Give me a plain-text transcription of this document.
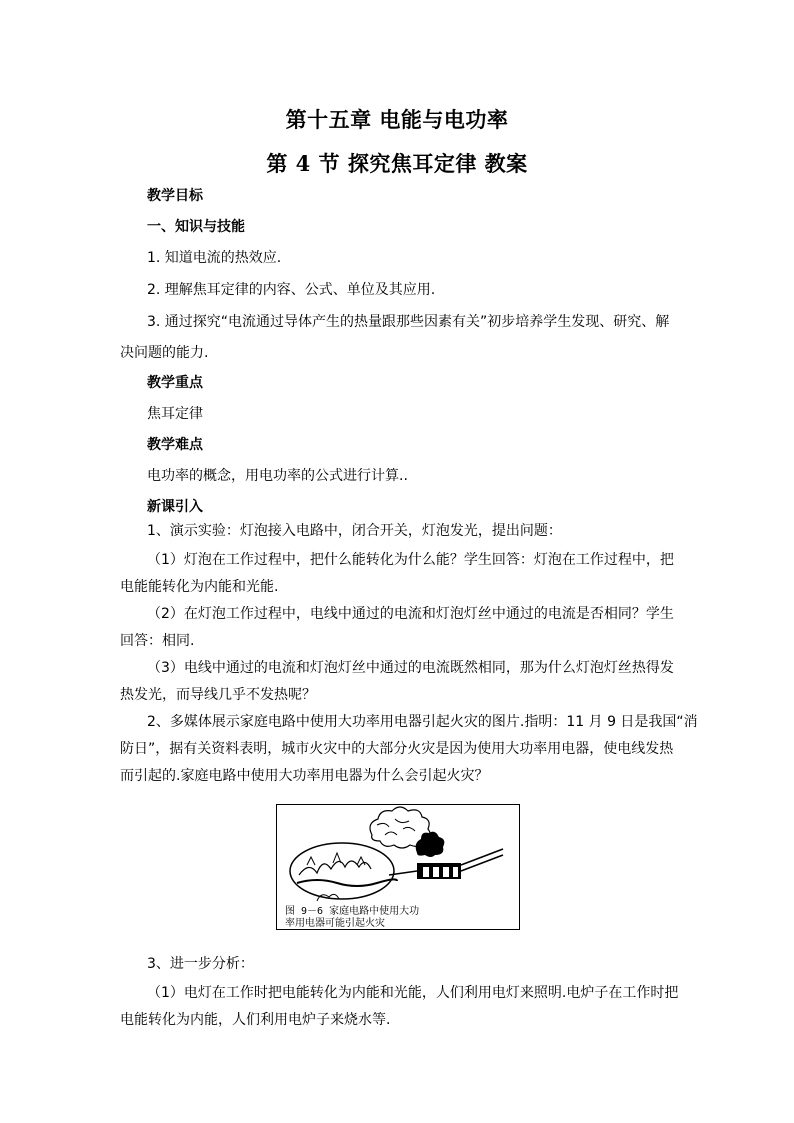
第十五章 电能与电功率
第 4 节 探究焦耳定律 教案
教学目标
一、知识与技能
1. 知道电流的热效应.
2. 理解焦耳定律的内容、公式、单位及其应用.
3. 通过探究“电流通过导体产生的热量跟那些因素有关”初步培养学生发现、研究、解
决问题的能力.
教学重点
焦耳定律
教学难点
电功率的概念，用电功率的公式进行计算..
新课引入
1、演示实验：灯泡接入电路中，闭合开关，灯泡发光，提出问题：
（1）灯泡在工作过程中，把什么能转化为什么能？学生回答：灯泡在工作过程中，把
电能能转化为内能和光能.
（2）在灯泡工作过程中，电线中通过的电流和灯泡灯丝中通过的电流是否相同？学生
回答：相同.
（3）电线中通过的电流和灯泡灯丝中通过的电流既然相同，那为什么灯泡灯丝热得发
热发光，而导线几乎不发热呢？
2、多媒体展示家庭电路中使用大功率用电器引起火灾的图片.指明：11 月 9 日是我国“消
防日”，据有关资料表明，城市火灾中的大部分火灾是因为使用大功率用电器，使电线发热
而引起的.家庭电路中使用大功率用电器为什么会引起火灾？
图 9－6 家庭电路中使用大功
率用电器可能引起火灾
3、进一步分析：
（1）电灯在工作时把电能转化为内能和光能，人们利用电灯来照明.电炉子在工作时把
电能转化为内能，人们利用电炉子来烧水等.
